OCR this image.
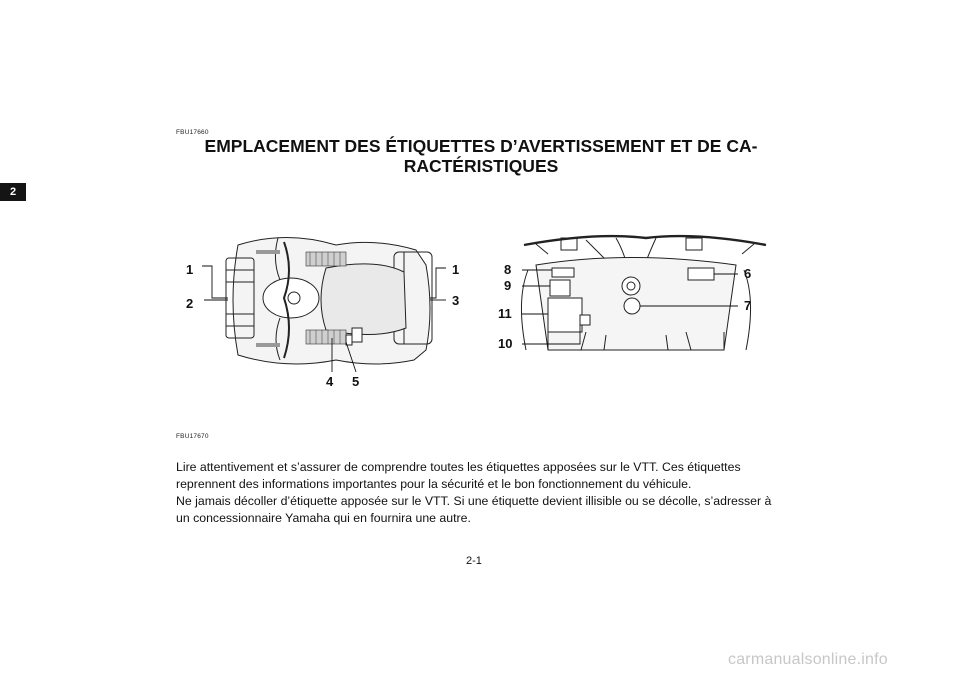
2
FBU17660
EMPLACEMENT DES ÉTIQUETTES D’AVERTISSEMENT ET DE CA-RACTÉRISTIQUES
1
2
1
3
4 5
8
9
11
10
6
7
FBU17670

Lire attentivement et s’assurer de comprendre toutes les étiquettes apposées sur le VTT. Ces étiquettes reprennent des informations importantes pour la sécurité et le bon fonctionnement du véhicule.

Ne jamais décoller d’étiquette apposée sur le VTT. Si une étiquette devient illisible ou se décolle, s’adresser à un concessionnaire Yamaha qui en fournira une autre.

2-1
carmanualsonline.info
